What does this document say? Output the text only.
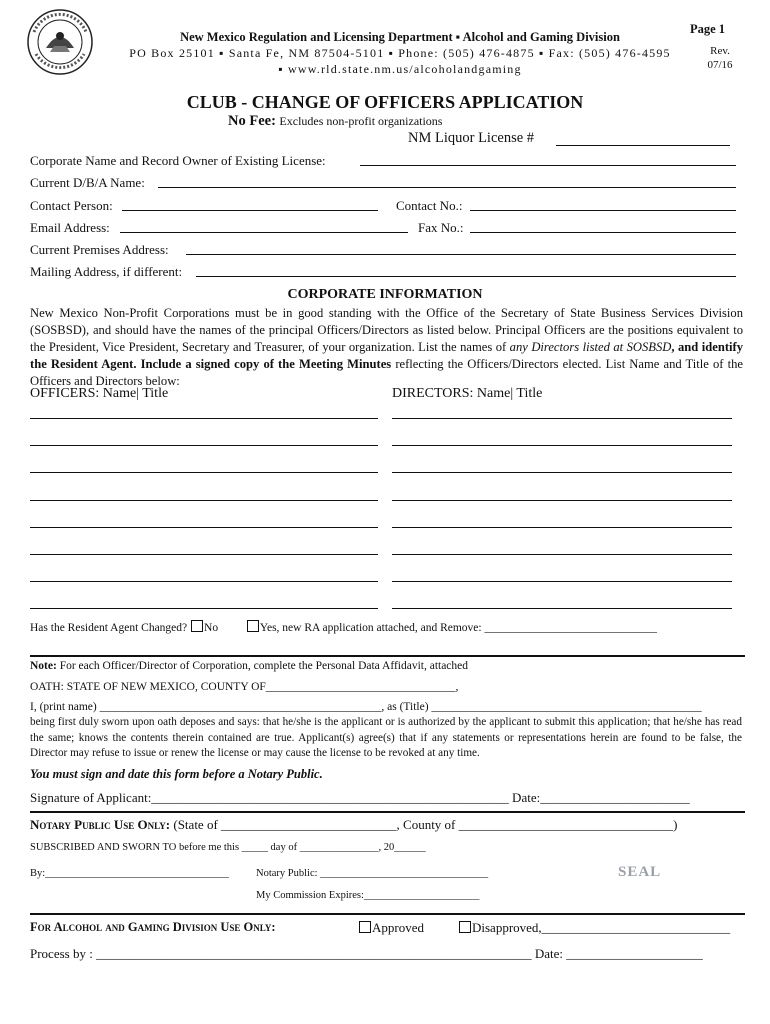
New Mexico Regulation and Licensing Department ▪ Alcohol and Gaming Division
PO Box 25101 ▪ Santa Fe, NM 87504-5101 ▪ Phone: (505) 476-4875 ▪ Fax: (505) 476-4595
▪ www.rld.state.nm.us/alcoholandgaming
Page 1
Rev.
07/16
CLUB - CHANGE OF OFFICERS APPLICATION
No Fee: Excludes non-profit organizations
NM Liquor License #
Corporate Name and Record Owner of Existing License:
Current D/B/A Name:
Contact Person:	Contact No.:
Email Address:	Fax No.:
Current Premises Address:
Mailing Address, if different:
CORPORATE INFORMATION
New Mexico Non-Profit Corporations must be in good standing with the Office of the Secretary of State Business Services Division (SOSBSD), and should have the names of the principal Officers/Directors as listed below. Principal Officers are the positions equivalent to the President, Vice President, Secretary and Treasurer, of your organization. List the names of any Directors listed at SOSBSD, and identify the Resident Agent. Include a signed copy of the Meeting Minutes reflecting the Officers/Directors elected. List Name and Title of the Officers and Directors below:
OFFICERS: Name| Title	DIRECTORS: Name| Title
Has the Resident Agent Changed? No	Yes, new RA application attached, and Remove: ______________________________
Note: For each Officer/Director of Corporation, complete the Personal Data Affidavit, attached
OATH: STATE OF NEW MEXICO, COUNTY OF_________________________________,
I, (print name) _________________________________________________, as (Title) _______________________________________________
being first duly sworn upon oath deposes and says: that he/she is the applicant or is authorized by the applicant to submit this application; that he/she has read the same; knows the contents therein contained are true. Applicant(s) agree(s) that if any statements or representations herein are found to be false, the Director may refuse to issue or renew the license or may cause the license to be revoked at any time.
You must sign and date this form before a Notary Public.
Signature of Applicant:_______________________________________________________ Date:_______________________
Notary Public Use Only: (State of ___________________________, County of _________________________________)
SUBSCRIBED AND SWORN TO before me this _____ day of _______________, 20______
By:___________________________________	Notary Public: ________________________________	SEAL
My Commission Expires:______________________
For Alcohol and Gaming Division Use Only:	Approved	Disapproved,_____________________________
Process by : ___________________________________________________________________ Date: _____________________
